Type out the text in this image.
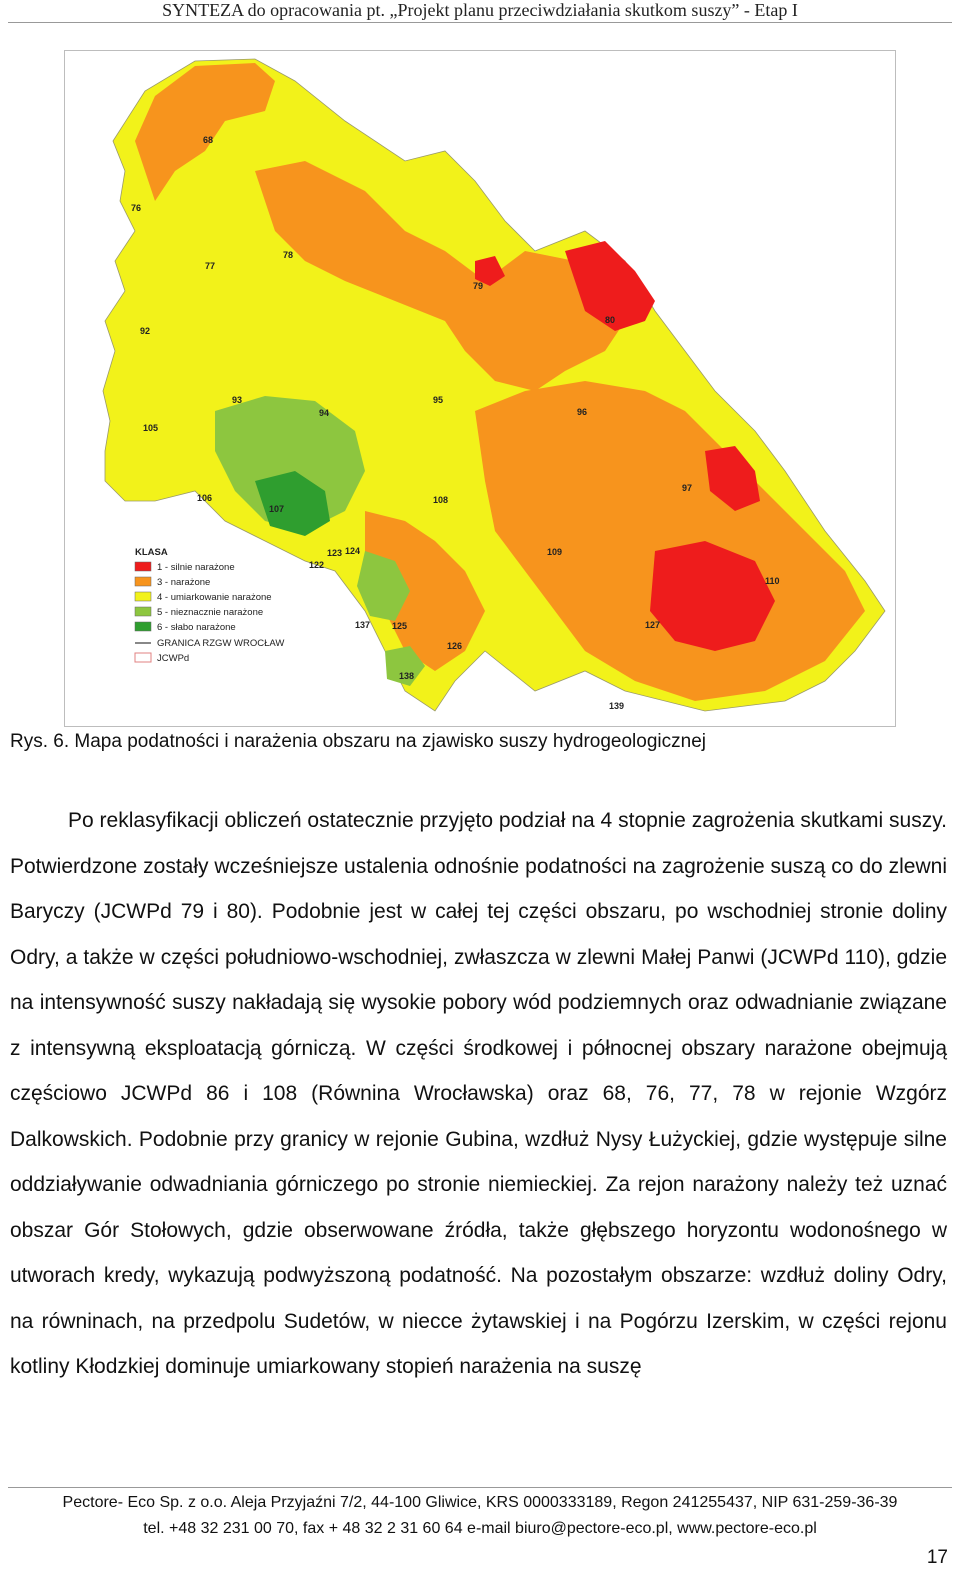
SYNTEZA do opracowania pt. „Projekt planu przeciwdziałania skutkom suszy” - Etap I
68
76
77
78
79
80
92
93
94
95
96
97
105
106
107
108
109
110
122
123 124
125
126
127
137
138
139
KLASA
1 - silnie narażone
3 - narażone
4 - umiarkowanie narażone
5 - nieznacznie narażone
6 - słabo narażone
GRANICA RZGW WROCŁAW
JCWPd
Rys. 6. Mapa podatności i narażenia obszaru na zjawisko suszy hydrogeologicznej

Po reklasyfikacji obliczeń ostatecznie przyjęto podział na 4 stopnie zagrożenia skutkami suszy. Potwierdzone zostały wcześniejsze ustalenia odnośnie podatności na zagrożenie suszą co do zlewni Baryczy (JCWPd 79 i 80). Podobnie jest w całej tej części obszaru, po wschodniej stronie doliny Odry, a także w części południowo-wschodniej, zwłaszcza w zlewni Małej Panwi (JCWPd 110), gdzie na intensywność suszy nakładają się wysokie pobory wód podziemnych oraz odwadnianie związane z intensywną eksploatacją górniczą. W części środkowej i północnej obszary narażone obejmują częściowo JCWPd 86 i 108 (Równina Wrocławska) oraz 68, 76, 77, 78 w rejonie Wzgórz Dalkowskich. Podobnie przy granicy w rejonie Gubina, wzdłuż Nysy Łużyckiej, gdzie występuje silne oddziaływanie odwadniania górniczego po stronie niemieckiej. Za rejon narażony należy też uznać obszar Gór Stołowych, gdzie obserwowane źródła, także głębszego horyzontu wodonośnego w utworach kredy, wykazują podwyższoną podatność. Na pozostałym obszarze: wzdłuż doliny Odry, na równinach, na przedpolu Sudetów, w niecce żytawskiej i na Pogórzu Izerskim, w części rejonu kotliny Kłodzkiej dominuje umiarkowany stopień narażenia na suszę

Pectore- Eco Sp. z o.o. Aleja Przyjaźni 7/2, 44-100 Gliwice, KRS 0000333189, Regon 241255437, NIP 631-259-36-39
tel. +48 32 231 00 70, fax + 48 32 2 31 60 64 e-mail biuro@pectore-eco.pl, www.pectore-eco.pl
17
